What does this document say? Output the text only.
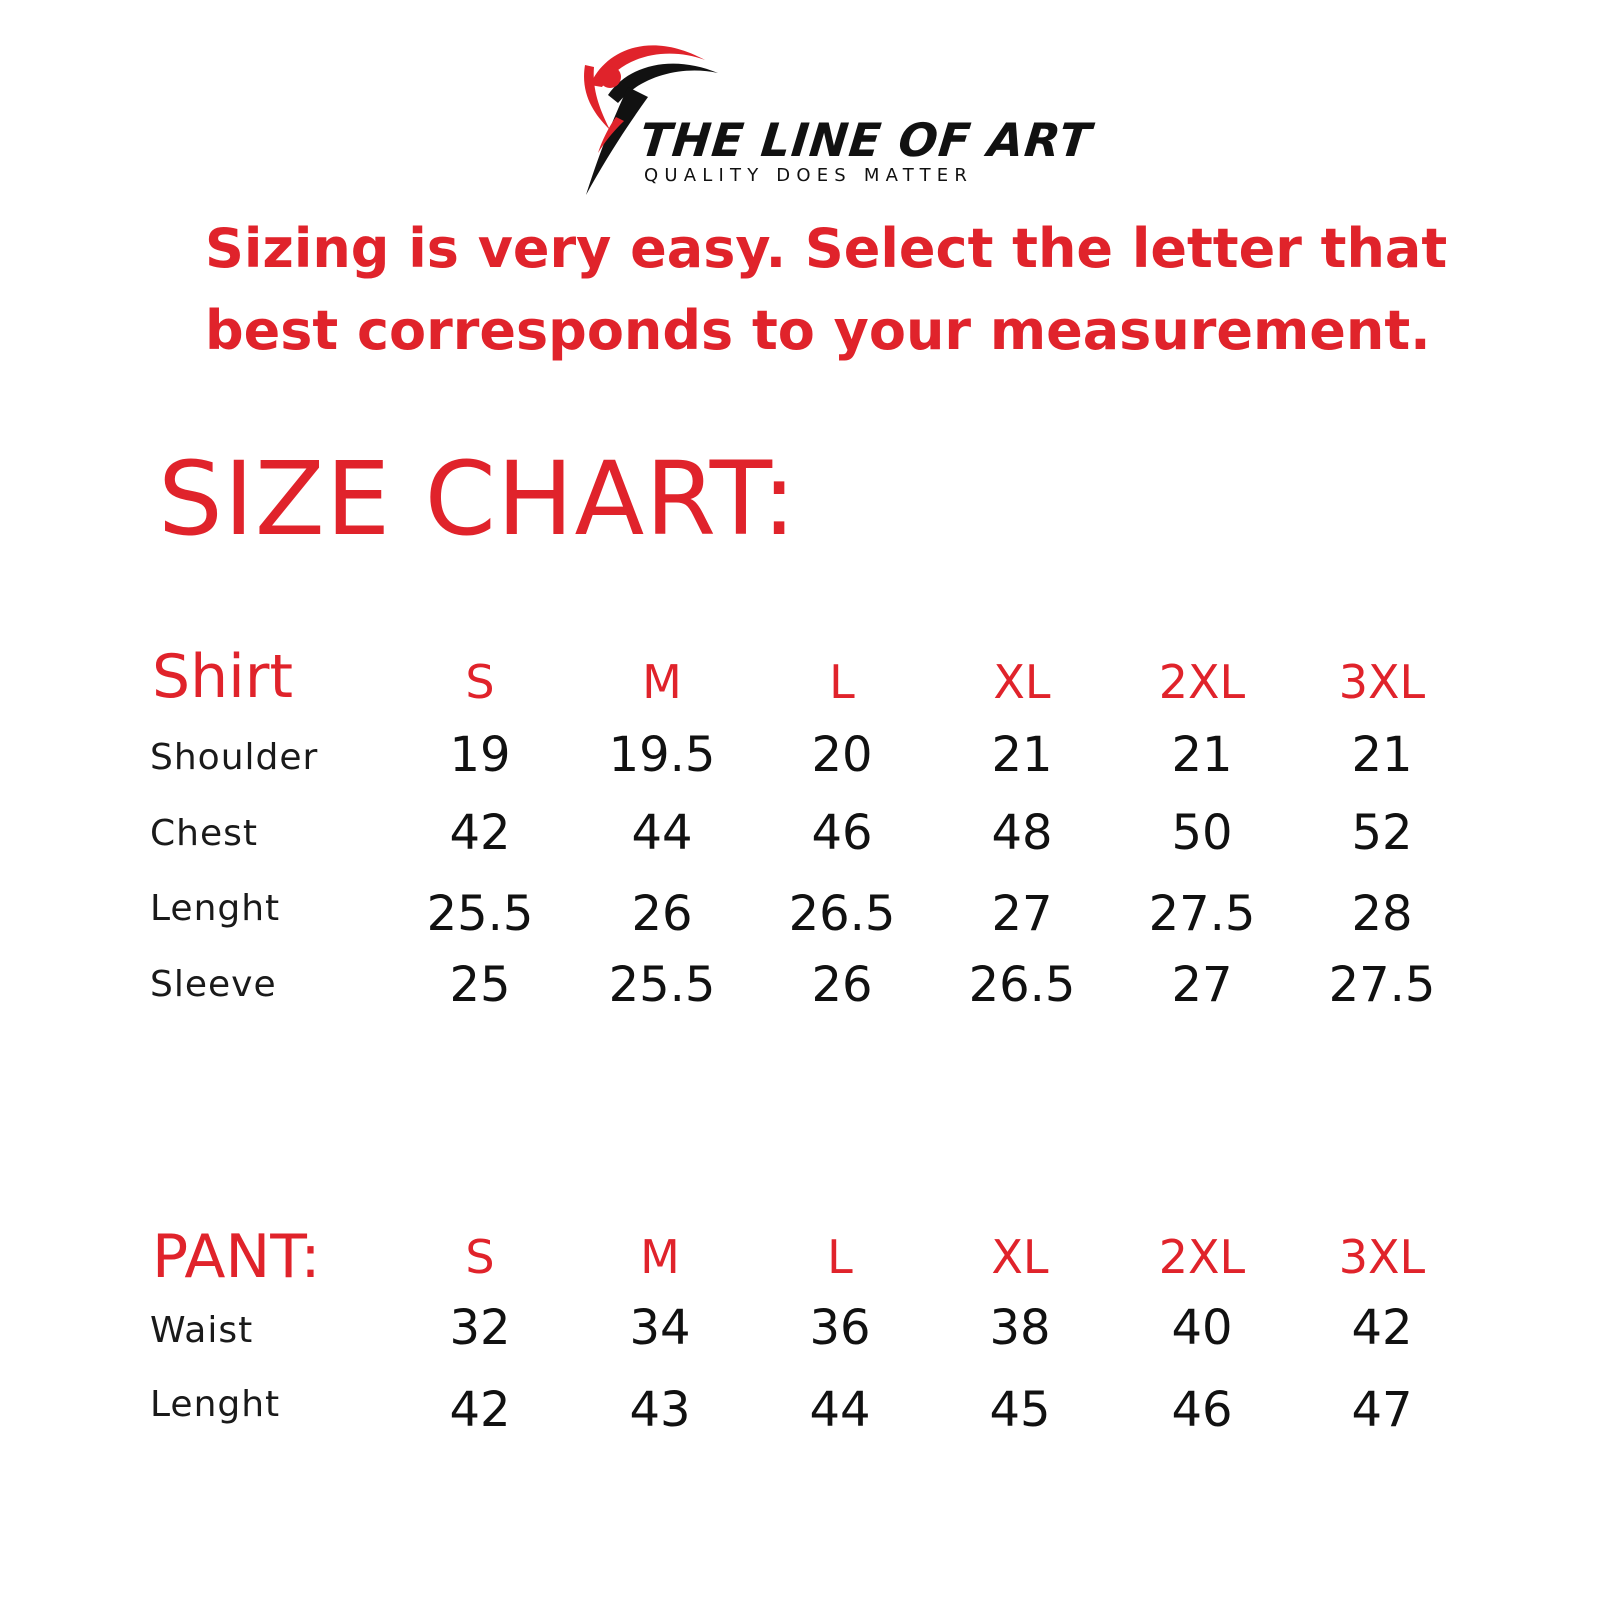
THE LINE OF ART
QUALITY DOES MATTER
Sizing is very easy. Select the letter that
best corresponds to your measurement.
SIZE CHART:
Shirt	S	M	L	XL	2XL	3XL
Shoulder	19	19.5	20	21	21	21
Chest	42	44	46	48	50	52
Lenght	25.5	26	26.5	27	27.5	28
Sleeve	25	25.5	26	26.5	27	27.5
PANT:	S	M	L	XL	2XL	3XL
Waist	32	34	36	38	40	42
Lenght	42	43	44	45	46	47
